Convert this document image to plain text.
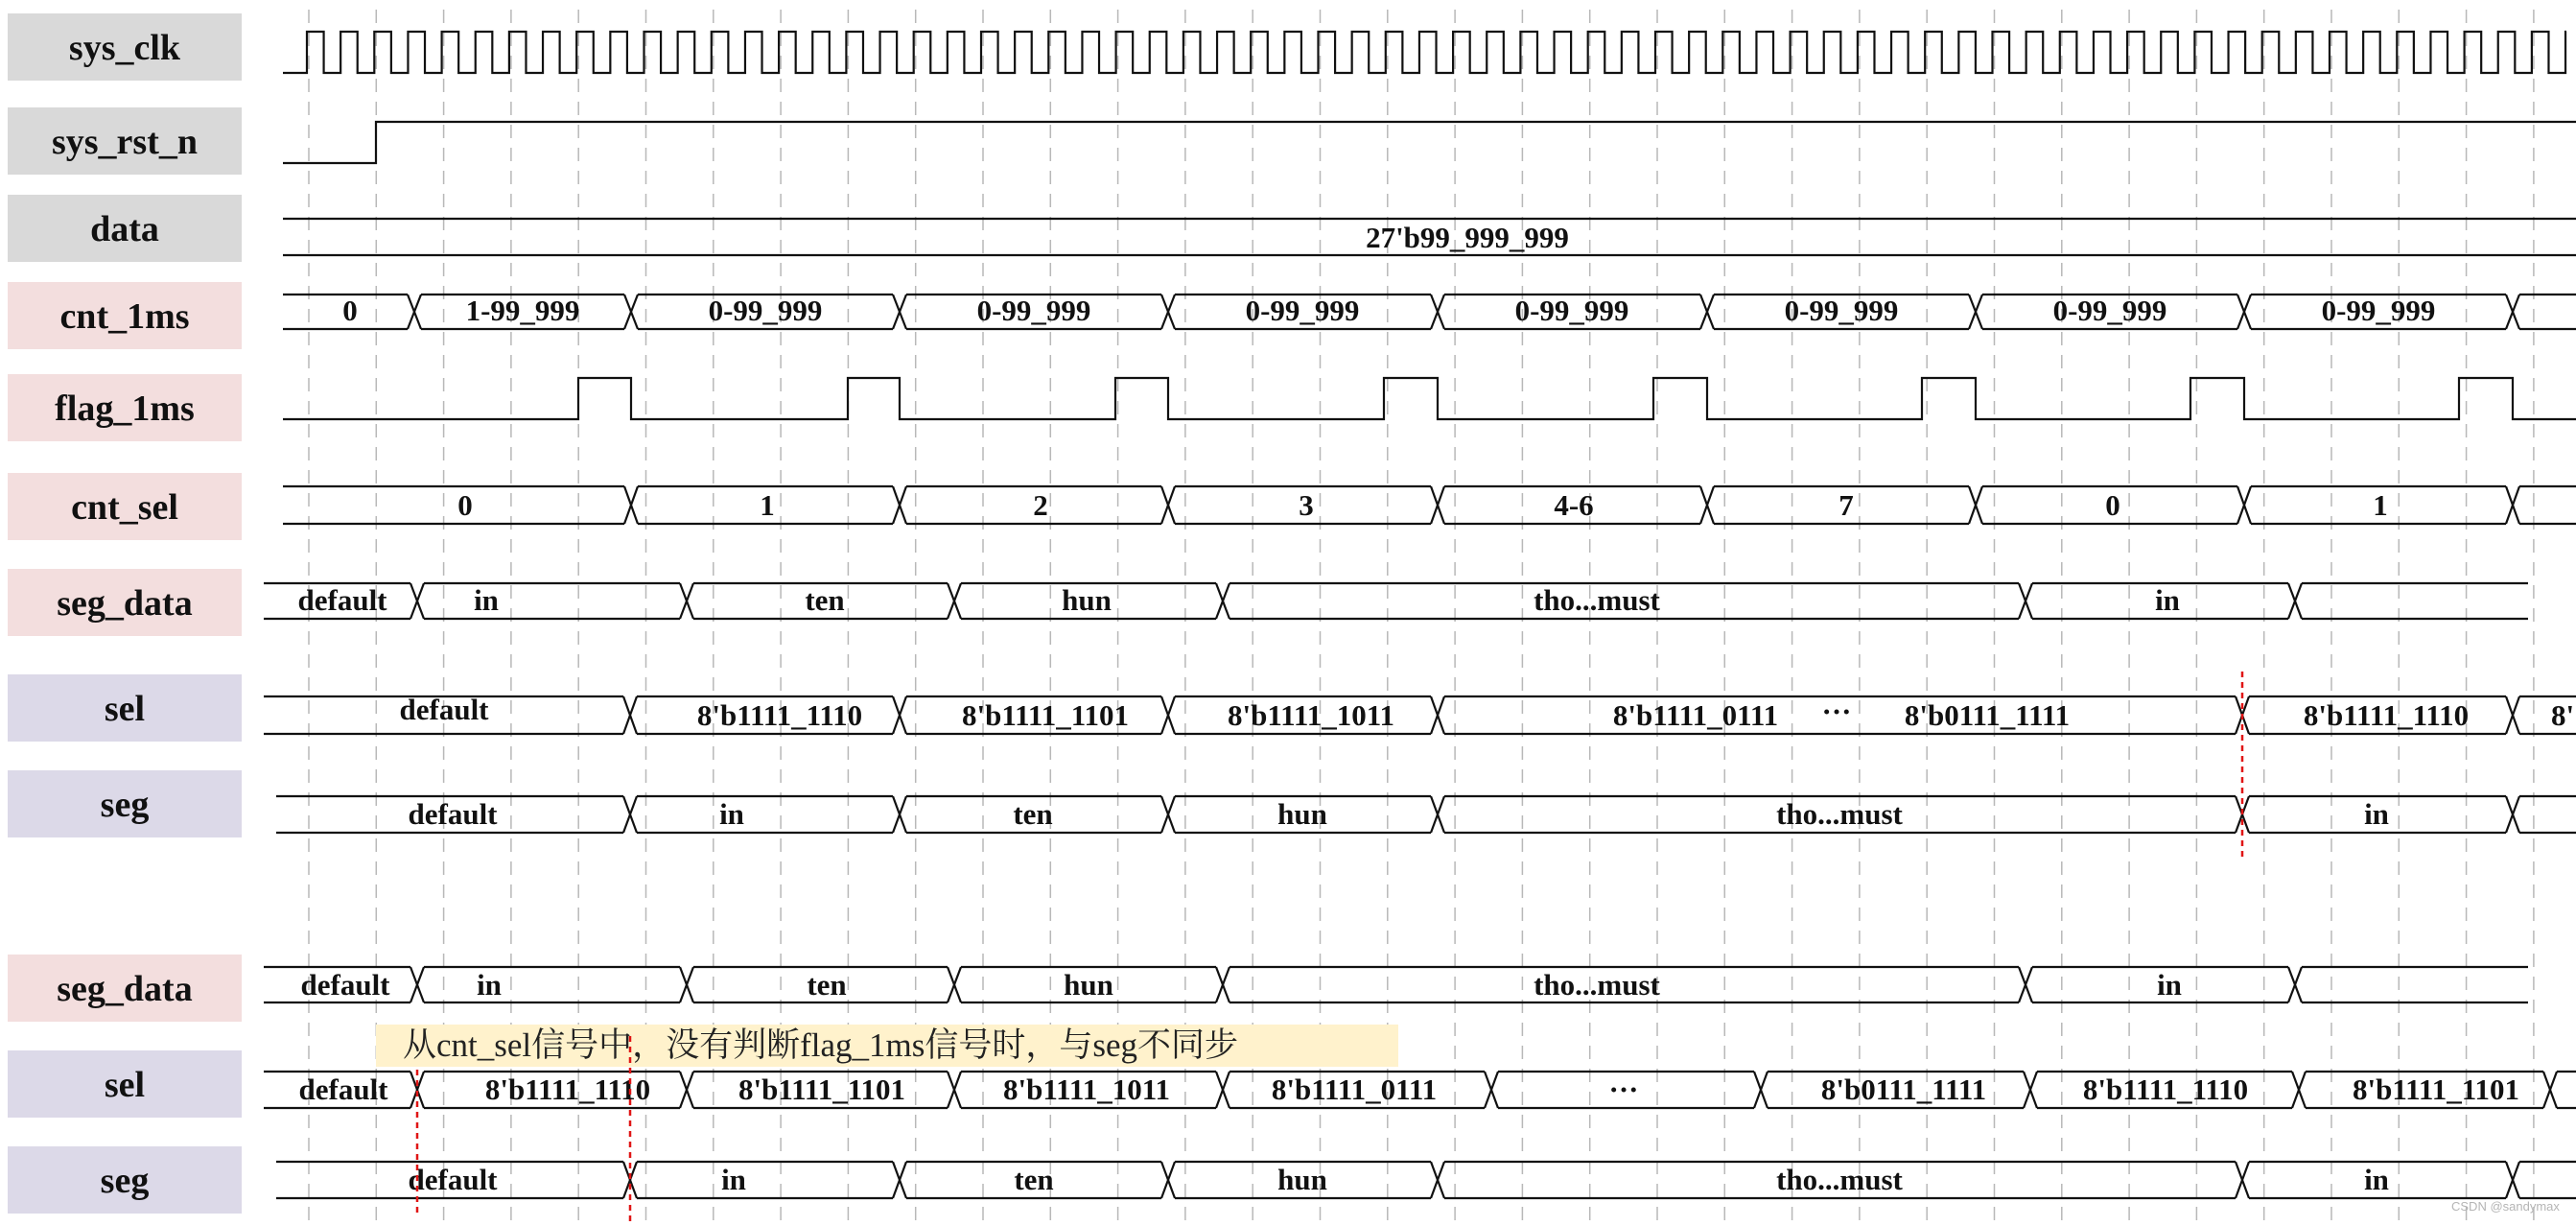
sys_clk
sys_rst_n
data
cnt_1ms
flag_1ms
cnt_sel
seg_data
sel
seg
seg_data
sel
seg
27'b99_999_999
0	1-99_999	0-99_999	0-99_999	0-99_999	0-99_999	0-99_999	0-99_999	0-99_999
0	1	2	3	4-6	7	0	1
default	in	ten	hun	tho...must	in
default	8'b1111_1110	8'b1111_1101	8'b1111_1011	8'b1111_0111 ··· 8'b0111_1111	8'b1111_1110	8'
default	in	ten	hun	tho...must	in
default	in	ten	hun	tho...must	in
default	8'b1111_1110	8'b1111_1101	8'b1111_1011	8'b1111_0111	···	8'b0111_1111	8'b1111_1110	8'b1111_1101
default	in	ten	hun	tho...must	in
从cnt_sel信号中，没有判断flag_1ms信号时，与seg不同步
CSDN @sandymax
